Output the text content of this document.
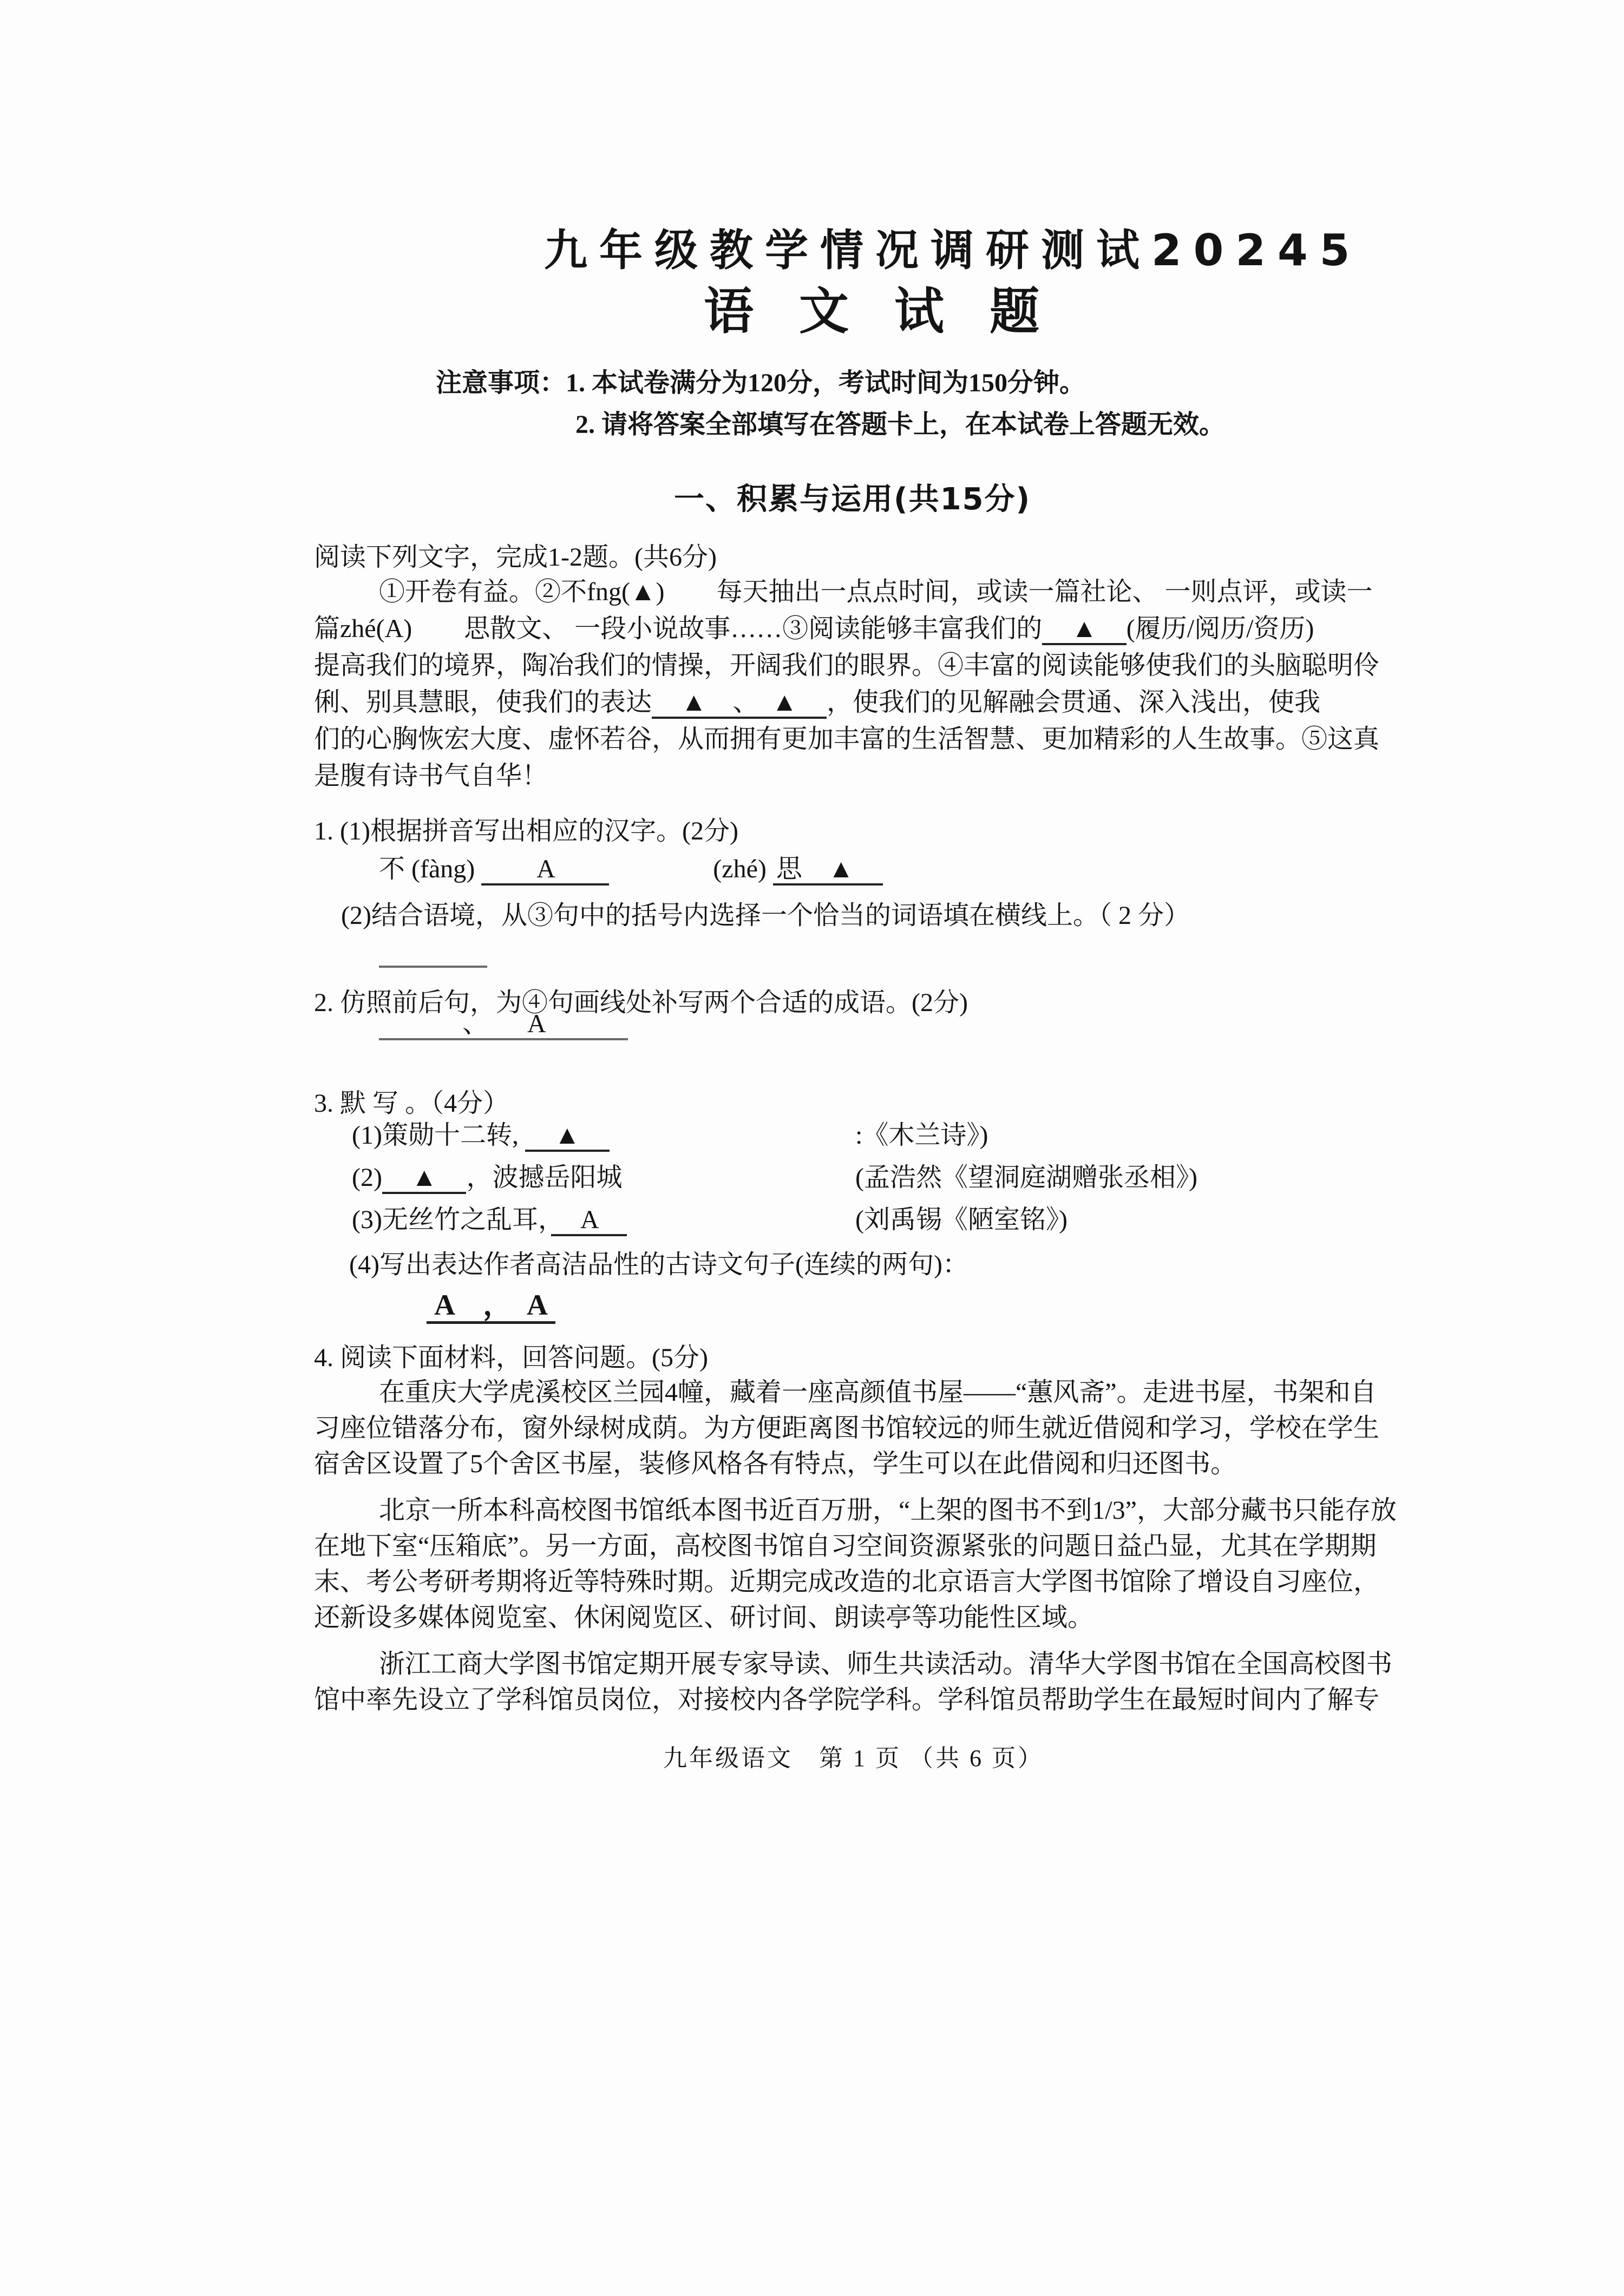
九年级教学情况调研测试20245
语 文 试 题
注意事项：1. 本试卷满分为120分，考试时间为150分钟。
2. 请将答案全部填写在答题卡上，在本试卷上答题无效。
一、积累与运用(共15分)
阅读下列文字，完成1-2题。(共6分)
①开卷有益。②不fng(▲)　　每天抽出一点点时间，或读一篇社论、 一则点评，或读一
篇zhé(A)　　思散文、 一段小说故事……③阅读能够丰富我们的　▲　(履历/阅历/资历)
提高我们的境界，陶冶我们的情操，开阔我们的眼界。④丰富的阅读能够使我们的头脑聪明伶
俐、别具慧眼，使我们的表达　▲　、　▲　，使我们的见解融会贯通、深入浅出，使我
们的心胸恢宏大度、虚怀若谷，从而拥有更加丰富的生活智慧、更加精彩的人生故事。⑤这真
是腹有诗书气自华！
1. (1)根据拼音写出相应的汉字。(2分)
不 (fàng) 　　A　　　　　　(zhé) 思　▲　
(2)结合语境，从③句中的括号内选择一个恰当的词语填在横线上。（ 2 分）
2. 仿照前后句，为④句画线处补写两个合适的成语。(2分)
　　　、　　A　　　
3. 默 写 。（4分）
(1)策勋十二转, 　▲　	:《木兰诗》)
(2)　▲　，波撼岳阳城	(孟浩然《望洞庭湖赠张丞相》)
(3)无丝竹之乱耳，　A　	(刘禹锡《陋室铭》)
(4)写出表达作者高洁品性的古诗文句子(连续的两句)：
A　，　A
4. 阅读下面材料，回答问题。(5分)
在重庆大学虎溪校区兰园4幢，藏着一座高颜值书屋——“蕙风斋”。走进书屋，书架和自
习座位错落分布，窗外绿树成荫。为方便距离图书馆较远的师生就近借阅和学习，学校在学生
宿舍区设置了5个舍区书屋，装修风格各有特点，学生可以在此借阅和归还图书。
北京一所本科高校图书馆纸本图书近百万册，“上架的图书不到1/3”，大部分藏书只能存放
在地下室“压箱底”。另一方面，高校图书馆自习空间资源紧张的问题日益凸显，尤其在学期期
末、考公考研考期将近等特殊时期。近期完成改造的北京语言大学图书馆除了增设自习座位，
还新设多媒体阅览室、休闲阅览区、研讨间、朗读亭等功能性区域。
浙江工商大学图书馆定期开展专家导读、师生共读活动。清华大学图书馆在全国高校图书
馆中率先设立了学科馆员岗位，对接校内各学院学科。学科馆员帮助学生在最短时间内了解专
九年级语文　第 1 页 （共 6 页）
